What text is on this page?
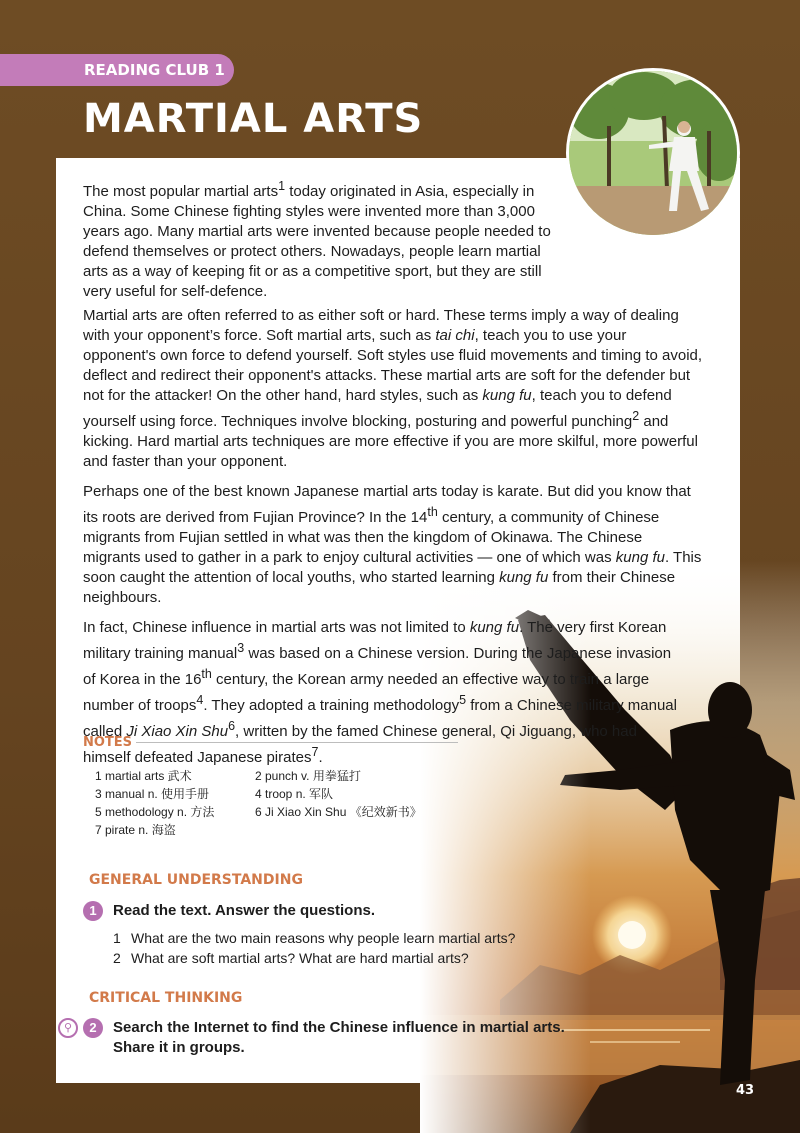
READING CLUB 1
MARTIAL ARTS

The most popular martial arts$^1$ today originated in Asia, especially in China. Some Chinese fighting styles were invented more than 3,000 years ago. Many martial arts were invented because people needed to defend themselves or protect others. Nowadays, people learn martial arts as a way of keeping fit or as a competitive sport, but they are still very useful for self-defence.

Martial arts are often referred to as either soft or hard. These terms imply a way of dealing with your opponent’s force. Soft martial arts, such as tai chi, teach you to use your opponent's own force to defend yourself. Soft styles use fluid movements and timing to avoid, deflect and redirect their opponent's attacks. These martial arts are soft for the defender but not for the attacker! On the other hand, hard styles, such as kung fu, teach you to defend yourself using force. Techniques involve blocking, posturing and powerful punching$^2$ and kicking. Hard martial arts techniques are more effective if you are more skilful, more powerful and faster than your opponent.

Perhaps one of the best known Japanese martial arts today is karate. But did you know that its roots are derived from Fujian Province? In the 14th century, a community of Chinese migrants from Fujian settled in what was then the kingdom of Okinawa. The Chinese migrants used to gather in a park to enjoy cultural activities — one of which was kung fu. This soon caught the attention of local youths, who started learning kung fu from their Chinese neighbours.

In fact, Chinese influence in martial arts was not limited to kung fu. The very first Korean military training manual$^3$ was based on a Chinese version. During the Japanese invasion of Korea in the 16th century, the Korean army needed an effective way to train a large number of troops$^4$. They adopted a training methodology$^5$ from a Chinese military manual called Ji Xiao Xin Shu$^6$, written by the famed Chinese general, Qi Jiguang, who had himself defeated Japanese pirates$^7$.

NOTES
1 martial arts 武术	2 punch v. 用拳猛打
3 manual n. 使用手册	4 troop n. 军队
5 methodology n. 方法	6 Ji Xiao Xin Shu 《纪效新书》
7 pirate n. 海盗
GENERAL UNDERSTANDING
1	Read the text. Answer the questions.
1 What are the two main reasons why people learn martial arts?
2 What are soft martial arts? What are hard martial arts?
CRITICAL THINKING
⚲	2	Search the Internet to find the Chinese influence in martial arts.
Share it in groups.
43
